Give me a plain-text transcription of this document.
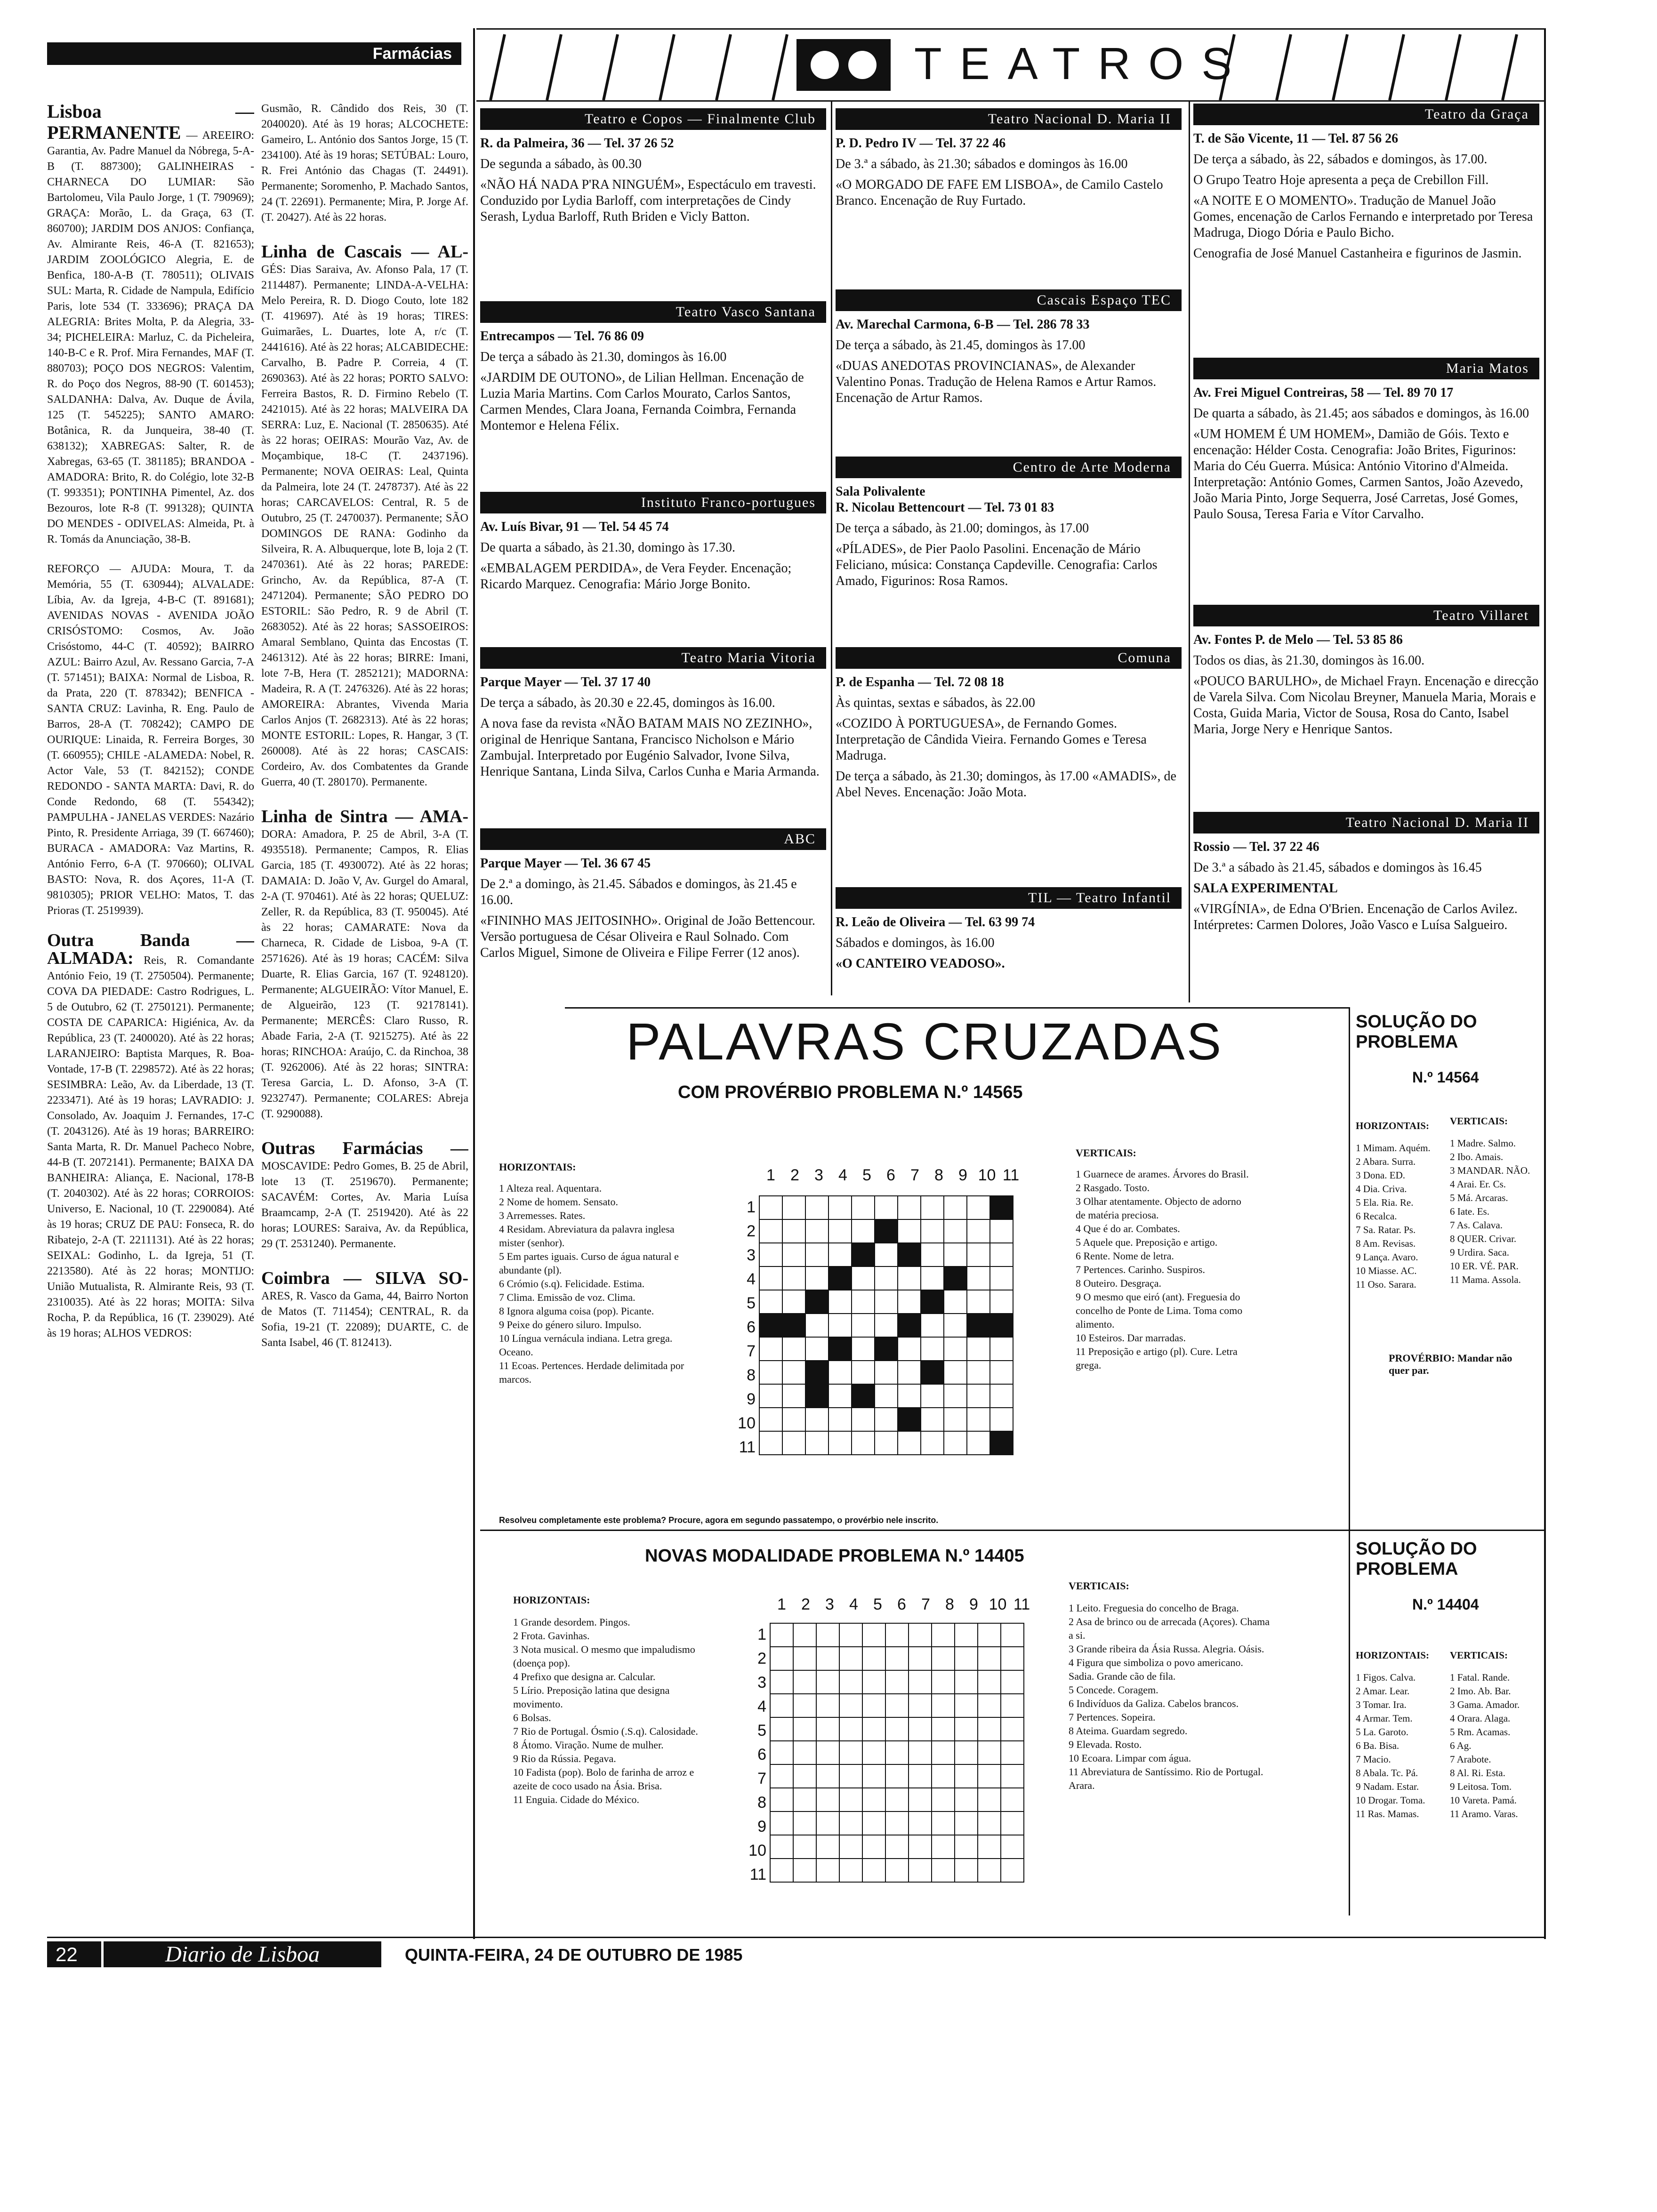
Farmácias	TEATROS

Lisboa — PERMANENTE — AREEIRO: Garantia, Av. Padre Manuel da Nóbrega, 5-A-B (T. 887300); GALINHEIRAS -CHARNECA DO LUMIAR: São Bartolomeu, Vila Paulo Jorge, 1 (T. 790969); GRAÇA: Morão, L. da Graça, 63 (T. 860700); JARDIM DOS ANJOS: Confiança, Av. Almirante Reis, 46-A (T. 821653); JARDIM ZOOLÓGICO Alegria, E. de Benfica, 180-A-B (T. 780511); OLIVAIS SUL: Marta, R. Cidade de Nampula, Edifício Paris, lote 534 (T. 333696); PRAÇA DA ALEGRIA: Brites Molta, P. da Alegria, 33-34; PICHELEIRA: Marluz, C. da Picheleira, 140-B-C e R. Prof. Mira Fernandes, MAF (T. 880703); POÇO DOS NEGROS: Valentim, R. do Poço dos Negros, 88-90 (T. 601453); SALDANHA: Dalva, Av. Duque de Ávila, 125 (T. 545225); SANTO AMARO: Botânica, R. da Junqueira, 38-40 (T. 638132); XABREGAS: Salter, R. de Xabregas, 63-65 (T. 381185); BRANDOA - AMADORA: Brito, R. do Colégio, lote 32-B (T. 993351); PONTINHA Pimentel, Az. dos Bezouros, lote R-8 (T. 991328); QUINTA DO MENDES - ODIVELAS: Almeida, Pt. à R. Tomás da Anunciação, 38-B.

REFORÇO — AJUDA: Moura, T. da Memória, 55 (T. 630944); ALVALADE: Líbia, Av. da Igreja, 4-B-C (T. 891681); AVENIDAS NOVAS - AVENIDA JOÃO CRISÓSTOMO: Cosmos, Av. João Crisóstomo, 44-C (T. 40592); BAIRRO AZUL: Bairro Azul, Av. Ressano Garcia, 7-A (T. 571451); BAIXA: Normal de Lisboa, R. da Prata, 220 (T. 878342); BENFICA - SANTA CRUZ: Lavinha, R. Eng. Paulo de Barros, 28-A (T. 708242); CAMPO DE OURIQUE: Linaida, R. Ferreira Borges, 30 (T. 660955); CHILE -ALAMEDA: Nobel, R. Actor Vale, 53 (T. 842152); CONDE REDONDO - SANTA MARTA: Davi, R. do Conde Redondo, 68 (T. 554342); PAMPULHA - JANELAS VERDES: Nazário Pinto, R. Presidente Arriaga, 39 (T. 667460); BURACA - AMADORA: Vaz Martins, R. António Ferro, 6-A (T. 970660); OLIVAL BASTO: Nova, R. dos Açores, 11-A (T. 9810305); PRIOR VELHO: Matos, T. das Prioras (T. 2519939).

Outra Banda — ALMADA: Reis, R. Comandante António Feio, 19 (T. 2750504). Permanente; COVA DA PIEDADE: Castro Rodrigues, L. 5 de Outubro, 62 (T. 2750121). Permanente; COSTA DE CAPARICA: Higiénica, Av. da República, 23 (T. 2400020). Até às 22 horas; LARANJEIRO: Baptista Marques, R. Boa-Vontade, 17-B (T. 2298572). Até às 22 horas; SESIMBRA: Leão, Av. da Liberdade, 13 (T. 2233471). Até às 19 horas; LAVRADIO: J. Consolado, Av. Joaquim J. Fernandes, 17-C (T. 2043126). Até às 19 horas; BARREIRO: Santa Marta, R. Dr. Manuel Pacheco Nobre, 44-B (T. 2072141). Permanente; BAIXA DA BANHEIRA: Aliança, E. Nacional, 178-B (T. 2040302). Até às 22 horas; CORROIOS: Universo, E. Nacional, 10 (T. 2290084). Até às 19 horas; CRUZ DE PAU: Fonseca, R. do Ribatejo, 2-A (T. 2211131). Até às 22 horas; SEIXAL: Godinho, L. da Igreja, 51 (T. 2213580). Até às 22 horas; MONTIJO: União Mutualista, R. Almirante Reis, 93 (T. 2310035). Até às 22 horas; MOITA: Silva Rocha, P. da República, 16 (T. 239029). Até às 19 horas; ALHOS VEDROS:

Gusmão, R. Cândido dos Reis, 30 (T. 2040020). Até às 19 horas; ALCOCHETE: Gameiro, L. António dos Santos Jorge, 15 (T. 234100). Até às 19 horas; SETÚBAL: Louro, R. Frei António das Chagas (T. 24491). Permanente; Soromenho, P. Machado Santos, 24 (T. 22691). Permanente; Mira, P. Jorge Af. (T. 20427). Até às 22 horas.

Linha de Cascais — AL- GÉS: Dias Saraiva, Av. Afonso Pala, 17 (T. 2114487). Permanente; LINDA-A-VELHA: Melo Pereira, R. D. Diogo Couto, lote 182 (T. 419697). Até às 19 horas; TIRES: Guimarães, L. Duartes, lote A, r/c (T. 2441616). Até às 22 horas; ALCABIDECHE: Carvalho, B. Padre P. Correia, 4 (T. 2690363). Até às 22 horas; PORTO SALVO: Ferreira Bastos, R. D. Firmino Rebelo (T. 2421015). Até às 22 horas; MALVEIRA DA SERRA: Luz, E. Nacional (T. 2850635). Até às 22 horas; OEIRAS: Mourão Vaz, Av. de Moçambique, 18-C (T. 2437196). Permanente; NOVA OEIRAS: Leal, Quinta da Palmeira, lote 24 (T. 2478737). Até às 22 horas; CARCAVELOS: Central, R. 5 de Outubro, 25 (T. 2470037). Permanente; SÃO DOMINGOS DE RANA: Godinho da Silveira, R. A. Albuquerque, lote B, loja 2 (T. 2470361). Até às 22 horas; PAREDE: Grincho, Av. da República, 87-A (T. 2471204). Permanente; SÃO PEDRO DO ESTORIL: São Pedro, R. 9 de Abril (T. 2683052). Até às 22 horas; SASSOEIROS: Amaral Semblano, Quinta das Encostas (T. 2461312). Até às 22 horas; BIRRE: Imani, lote 7-B, Hera (T. 2852121); MADORNA: Madeira, R. A (T. 2476326). Até às 22 horas; AMOREIRA: Abrantes, Vivenda Maria Carlos Anjos (T. 2682313). Até às 22 horas; MONTE ESTORIL: Lopes, R. Hangar, 3 (T. 260008). Até às 22 horas; CASCAIS: Cordeiro, Av. dos Combatentes da Grande Guerra, 40 (T. 280170). Permanente.

Linha de Sintra — AMA- DORA: Amadora, P. 25 de Abril, 3-A (T. 4935518). Permanente; Campos, R. Elias Garcia, 185 (T. 4930072). Até às 22 horas; DAMAIA: D. João V, Av. Gurgel do Amaral, 2-A (T. 970461). Até às 22 horas; QUELUZ: Zeller, R. da República, 83 (T. 950045). Até às 22 horas; CAMARATE: Nova da Charneca, R. Cidade de Lisboa, 9-A (T. 2571626). Até às 19 horas; CACÉM: Silva Duarte, R. Elias Garcia, 167 (T. 9248120). Permanente; ALGUEIRÃO: Vítor Manuel, E. de Algueirão, 123 (T. 92178141). Permanente; MERCÊS: Claro Russo, R. Abade Faria, 2-A (T. 9215275). Até às 22 horas; RINCHOA: Araújo, C. da Rinchoa, 38 (T. 9262006). Até às 22 horas; SINTRA: Teresa Garcia, L. D. Afonso, 3-A (T. 9232747). Permanente; COLARES: Abreja (T. 9290088).

Outras Farmácias — MOSCAVIDE: Pedro Gomes, B. 25 de Abril, lote 13 (T. 2519670). Permanente; SACAVÉM: Cortes, Av. Maria Luísa Braamcamp, 2-A (T. 2519420). Até às 22 horas; LOURES: Saraiva, Av. da República, 29 (T. 2531240). Permanente.

Coimbra — SILVA SO- ARES, R. Vasco da Gama, 44, Bairro Norton de Matos (T. 711454); CENTRAL, R. da Sofia, 19-21 (T. 22089); DUARTE, C. de Santa Isabel, 46 (T. 812413).

Teatro e Copos — Finalmente Club

R. da Palmeira, 36 — Tel. 37 26 52

De segunda a sábado, às 00.30

«NÃO HÁ NADA P'RA NINGUÉM», Espectáculo em travesti. Conduzido por Lydia Barloff, com interpretações de Cindy Serash, Lydua Barloff, Ruth Briden e Vicly Batton.

Teatro Vasco Santana

Entrecampos — Tel. 76 86 09

De terça a sábado às 21.30, domingos às 16.00

«JARDIM DE OUTONO», de Lilian Hellman. Encenação de Luzia Maria Martins. Com Carlos Mourato, Carlos Santos, Carmen Mendes, Clara Joana, Fernanda Coimbra, Fernanda Montemor e Helena Félix.

Instituto Franco-portugues

Av. Luís Bivar, 91 — Tel. 54 45 74

De quarta a sábado, às 21.30, domingo às 17.30.

«EMBALAGEM PERDIDA», de Vera Feyder. Encenação; Ricardo Marquez. Cenografia: Mário Jorge Bonito.

Teatro Maria Vitoria

Parque Mayer — Tel. 37 17 40

De terça a sábado, às 20.30 e 22.45, domingos às 16.00.

A nova fase da revista «NÃO BATAM MAIS NO ZEZINHO», original de Henrique Santana, Francisco Nicholson e Mário Zambujal. Interpretado por Eugénio Salvador, Ivone Silva, Henrique Santana, Linda Silva, Carlos Cunha e Maria Armanda.

ABC

Parque Mayer — Tel. 36 67 45

De 2.ª a domingo, às 21.45. Sábados e domingos, às 21.45 e 16.00.

«FININHO MAS JEITOSINHO». Original de João Bettencour. Versão portuguesa de César Oliveira e Raul Solnado. Com Carlos Miguel, Simone de Oliveira e Filipe Ferrer (12 anos).

Teatro Nacional D. Maria II

P. D. Pedro IV — Tel. 37 22 46

De 3.ª a sábado, às 21.30; sábados e domingos às 16.00

«O MORGADO DE FAFE EM LISBOA», de Camilo Castelo Branco. Encenação de Ruy Furtado.

Cascais Espaço TEC

Av. Marechal Carmona, 6-B — Tel. 286 78 33

De terça a sábado, às 21.45, domingos às 17.00

«DUAS ANEDOTAS PROVINCIANAS», de Alexander Valentino Ponas. Tradução de Helena Ramos e Artur Ramos. Encenação de Artur Ramos.

Centro de Arte Moderna

Sala Polivalente
R. Nicolau Bettencourt — Tel. 73 01 83

De terça a sábado, às 21.00; domingos, às 17.00

«PÍLADES», de Pier Paolo Pasolini. Encenação de Mário Feliciano, música: Constança Capdeville. Cenografia: Carlos Amado, Figurinos: Rosa Ramos.

Comuna

P. de Espanha — Tel. 72 08 18

Às quintas, sextas e sábados, às 22.00

«COZIDO À PORTUGUESA», de Fernando Gomes. Interpretação de Cândida Vieira. Fernando Gomes e Teresa Madruga.

De terça a sábado, às 21.30; domingos, às 17.00 «AMADIS», de Abel Neves. Encenação: João Mota.

TIL — Teatro Infantil

R. Leão de Oliveira — Tel. 63 99 74

Sábados e domingos, às 16.00

«O CANTEIRO VEADOSO».

Teatro da Graça

T. de São Vicente, 11 — Tel. 87 56 26

De terça a sábado, às 22, sábados e domingos, às 17.00.

O Grupo Teatro Hoje apresenta a peça de Crebillon Fill.

«A NOITE E O MOMENTO». Tradução de Manuel João Gomes, encenação de Carlos Fernando e interpretado por Teresa Madruga, Diogo Dória e Paulo Bicho.

Cenografia de José Manuel Castanheira e figurinos de Jasmin.

Maria Matos

Av. Frei Miguel Contreiras, 58 — Tel. 89 70 17

De quarta a sábado, às 21.45; aos sábados e domingos, às 16.00

«UM HOMEM É UM HOMEM», Damião de Góis. Texto e encenação: Hélder Costa. Cenografia: João Brites, Figurinos: Maria do Céu Guerra. Música: António Vitorino d'Almeida. Interpretação: António Gomes, Carmen Santos, João Azevedo, João Maria Pinto, Jorge Sequerra, José Carretas, José Gomes, Paulo Sousa, Teresa Faria e Vítor Carvalho.

Teatro Villaret

Av. Fontes P. de Melo — Tel. 53 85 86

Todos os dias, às 21.30, domingos às 16.00.

«POUCO BARULHO», de Michael Frayn. Encenação e direcção de Varela Silva. Com Nicolau Breyner, Manuela Maria, Morais e Costa, Guida Maria, Victor de Sousa, Rosa do Canto, Isabel Maria, Jorge Nery e Henrique Santos.

Teatro Nacional D. Maria II

Rossio — Tel. 37 22 46

De 3.ª a sábado às 21.45, sábados e domingos às 16.45

SALA EXPERIMENTAL

«VIRGÍNIA», de Edna O'Brien. Encenação de Carlos Avilez. Intérpretes: Carmen Dolores, João Vasco e Luísa Salgueiro.

PALAVRAS CRUZADAS
COM PROVÉRBIO PROBLEMA N.º 14565
HORIZONTAIS:
1 Alteza real. Aquentara.
2 Nome de homem. Sensato.
3 Arremesses. Rates.
4 Residam. Abreviatura da palavra inglesa mister (senhor).
5 Em partes iguais. Curso de água natural e abundante (pl).
6 Crómio (s.q). Felicidade. Estima.
7 Clima. Emissão de voz. Clima.
8 Ignora alguma coisa (pop). Picante.
9 Peixe do género siluro. Impulso.
10 Língua vernácula indiana. Letra grega. Oceano.
11 Ecoas. Pertences. Herdade delimitada por marcos.
VERTICAIS:
1 Guarnece de arames. Árvores do Brasil.
2 Rasgado. Tosto.
3 Olhar atentamente. Objecto de adorno de matéria preciosa.
4 Que é do ar. Combates.
5 Aquele que. Preposição e artigo.
6 Rente. Nome de letra.
7 Pertences. Carinho. Suspiros.
8 Outeiro. Desgraça.
9 O mesmo que eiró (ant). Freguesia do concelho de Ponte de Lima. Toma como alimento.
10 Esteiros. Dar marradas.
11 Preposição e artigo (pl). Cure. Letra grega.
1 2 3 4 5 6 7 8 9 10 11
1
2
3
4
5
6
7
8
9
10
11

Resolveu completamente este problema? Procure, agora em segundo passatempo, o provérbio nele inscrito.
SOLUÇÃO DO PROBLEMA
N.º 14564
HORIZONTAIS:
1 Mimam. Aquém.
2 Abara. Surra.
3 Dona. ED.
4 Dia. Criva.
5 Ela. Ria. Re.
6 Recalca.
7 Sa. Ratar. Ps.
8 Am. Revisas.
9 Lança. Avaro.
10 Miasse. AC.
11 Oso. Sarara.
VERTICAIS:
1 Madre. Salmo.
2 Ibo. Amais.
3 MANDAR. NÃO.
4 Arai. Er. Cs.
5 Má. Arcaras.
6 Iate. Es.
7 As. Calava.
8 QUER. Crivar.
9 Urdira. Saca.
10 ER. VÉ. PAR.
11 Mama. Assola.
PROVÉRBIO: Mandar não quer par.
NOVAS MODALIDADE PROBLEMA N.º 14405
HORIZONTAIS:
1 Grande desordem. Pingos.
2 Frota. Gavinhas.
3 Nota musical. O mesmo que impaludismo (doença pop).
4 Prefixo que designa ar. Calcular.
5 Lírio. Preposição latina que designa movimento.
6 Bolsas.
7 Rio de Portugal. Ósmio (.S.q). Calosidade.
8 Átomo. Viração. Nume de mulher.
9 Rio da Rússia. Pegava.
10 Fadista (pop). Bolo de farinha de arroz e azeite de coco usado na Ásia. Brisa.
11 Enguia. Cidade do México.
VERTICAIS:
1 Leito. Freguesia do concelho de Braga.
2 Asa de brinco ou de arrecada (Açores). Chama a si.
3 Grande ribeira da Ásia Russa. Alegria. Oásis.
4 Figura que simboliza o povo americano. Sadia. Grande cão de fila.
5 Concede. Coragem.
6 Indivíduos da Galiza. Cabelos brancos.
7 Pertences. Sopeira.
8 Ateima. Guardam segredo.
9 Elevada. Rosto.
10 Ecoara. Limpar com água.
11 Abreviatura de Santíssimo. Rio de Portugal. Arara.
1 2 3 4 5 6 7 8 9 10 11
1
2
3
4
5
6
7
8
9
10
11

SOLUÇÃO DO PROBLEMA
N.º 14404
HORIZONTAIS:
1 Figos. Calva.
2 Amar. Lear.
3 Tomar. Ira.
4 Armar. Tem.
5 La. Garoto.
6 Ba. Bisa.
7 Macio.
8 Abala. Tc. Pá.
9 Nadam. Estar.
10 Drogar. Toma.
11 Ras. Mamas.
VERTICAIS:
1 Fatal. Rande.
2 Imo. Ab. Bar.
3 Gama. Amador.
4 Orara. Alaga.
5 Rm. Acamas.
6 Ag.
7 Arabote.
8 Al. Ri. Esta.
9 Leitosa. Tom.
10 Vareta. Pamá.
11 Aramo. Varas.
22	Diario de Lisboa	QUINTA-FEIRA, 24 DE OUTUBRO DE 1985
